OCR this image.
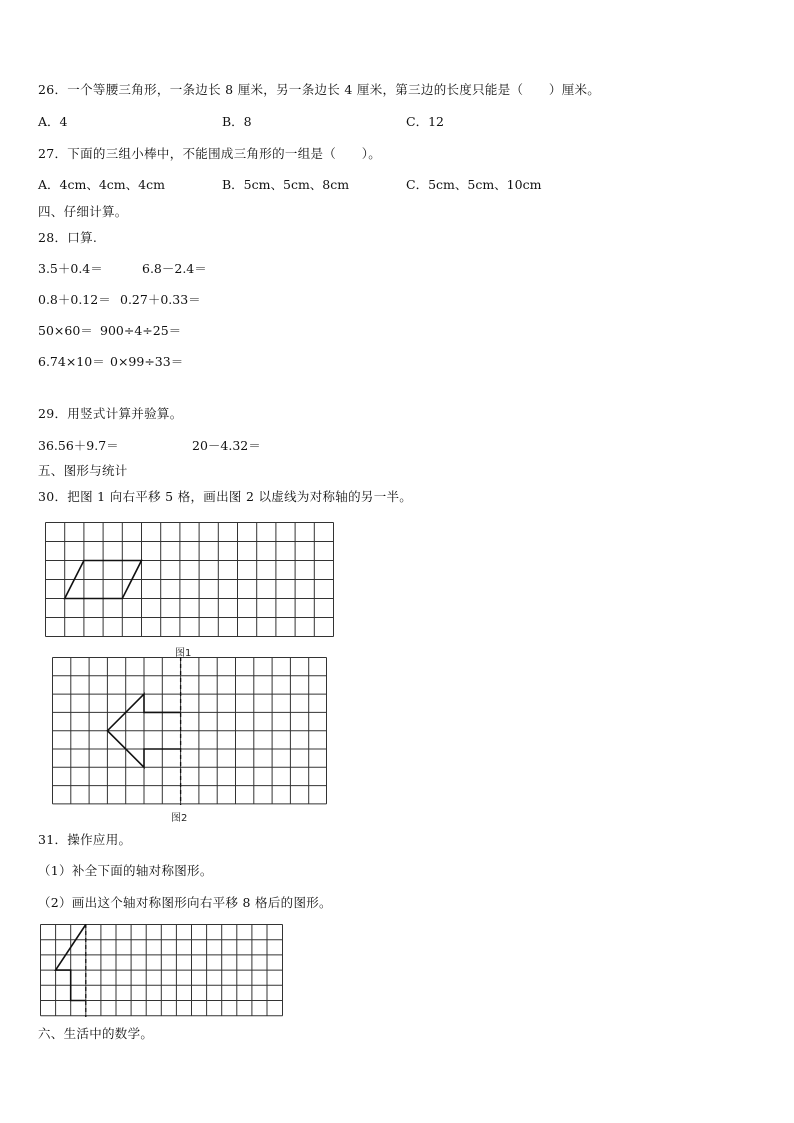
26．一个等腰三角形，一条边长 8 厘米，另一条边长 4 厘米，第三边的长度只能是（　　）厘米。
A．4	B．8	C．12
27．下面的三组小棒中，不能围成三角形的一组是（　　）。
A．4cm、4cm、4cm	B．5cm、5cm、8cm	C．5cm、5cm、10cm
四、仔细计算。
28．口算.
3.5＋0.4＝	6.8－2.4＝
0.8＋0.12＝ 0.27＋0.33＝
50×60＝ 900÷4÷25＝
6.74×10＝ 0×99÷33＝
29．用竖式计算并验算。
36.56＋9.7＝	20－4.32＝
五、图形与统计
30．把图 1 向右平移 5 格，画出图 2 以虚线为对称轴的另一半。
图1
图2
31．操作应用。
（1）补全下面的轴对称图形。
（2）画出这个轴对称图形向右平移 8 格后的图形。
六、生活中的数学。
